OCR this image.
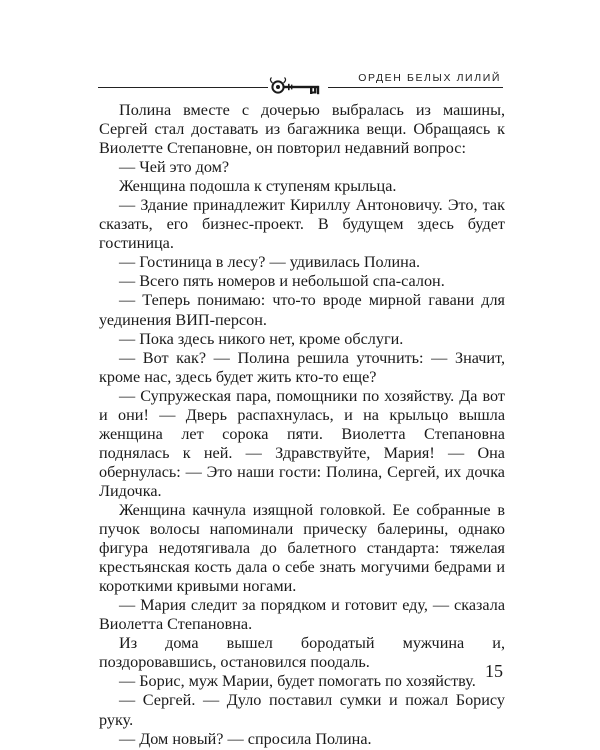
ОРДЕН БЕЛЫХ ЛИЛИЙ

Полина вместе с дочерью выбралась из машины, Сергей стал доставать из багажника вещи. Обращаясь к Виолетте Степановне, он повторил недавний вопрос:

— Чей это дом?

Женщина подошла к ступеням крыльца.

— Здание принадлежит Кириллу Антоновичу. Это, так сказать, его бизнес-проект. В будущем здесь будет гостиница.

— Гостиница в лесу? — удивилась Полина.

— Всего пять номеров и небольшой спа-салон.

— Теперь понимаю: что-то вроде мирной гавани для уединения ВИП-персон.

— Пока здесь никого нет, кроме обслуги.

— Вот как? — Полина решила уточнить: — Значит, кроме нас, здесь будет жить кто-то еще?

— Супружеская пара, помощники по хозяйству. Да вот и они! — Дверь распахнулась, и на крыльцо вышла женщина лет сорока пяти. Виолетта Степановна поднялась к ней. — Здравствуйте, Мария! — Она обернулась: — Это наши гости: Полина, Сергей, их дочка Лидочка.

Женщина качнула изящной головкой. Ее собранные в пучок волосы напоминали прическу балерины, однако фигура недотягивала до балетного стандарта: тяжелая крестьянская кость дала о себе знать могучими бедрами и короткими кривыми ногами.

— Мария следит за порядком и готовит еду, — сказала Виолетта Степановна.

Из дома вышел бородатый мужчина и, поздоровавшись, остановился поодаль.

— Борис, муж Марии, будет помогать по хозяйству.

— Сергей. — Дуло поставил сумки и пожал Борису руку.

— Дом новый? — спросила Полина.

15
